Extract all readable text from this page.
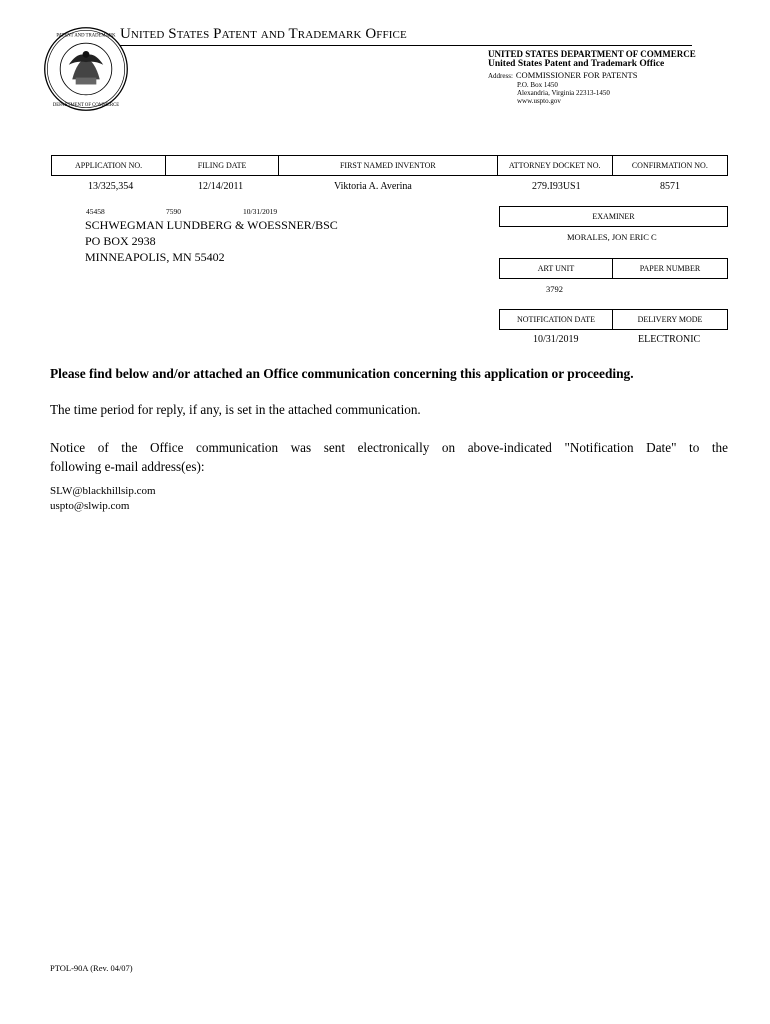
PATENT AND TRADEMARK
DEPARTMENT OF COMMERCE
United States Patent and Trademark Office
UNITED STATES DEPARTMENT OF COMMERCE
United States Patent and Trademark Office
Address: COMMISSIONER FOR PATENTS
P.O. Box 1450
Alexandria, Virginia 22313-1450
www.uspto.gov
APPLICATION NO.	FILING DATE	FIRST NAMED INVENTOR	ATTORNEY DOCKET NO.	CONFIRMATION NO.
13/325,354	12/14/2011	Viktoria A. Averina	279.I93US1	8571
45458	7590	10/31/2019
SCHWEGMAN LUNDBERG & WOESSNER/BSC
PO BOX 2938
MINNEAPOLIS, MN 55402
EXAMINER
MORALES, JON ERIC C
ART UNIT	PAPER NUMBER
3792
NOTIFICATION DATE	DELIVERY MODE
10/31/2019	ELECTRONIC
Please find below and/or attached an Office communication concerning this application or proceeding.
The time period for reply, if any, is set in the attached communication.
Notice of the Office communication was sent electronically on above-indicated "Notification Date" to the
following e-mail address(es):
SLW@blackhillsip.com
uspto@slwip.com
PTOL-90A (Rev. 04/07)
